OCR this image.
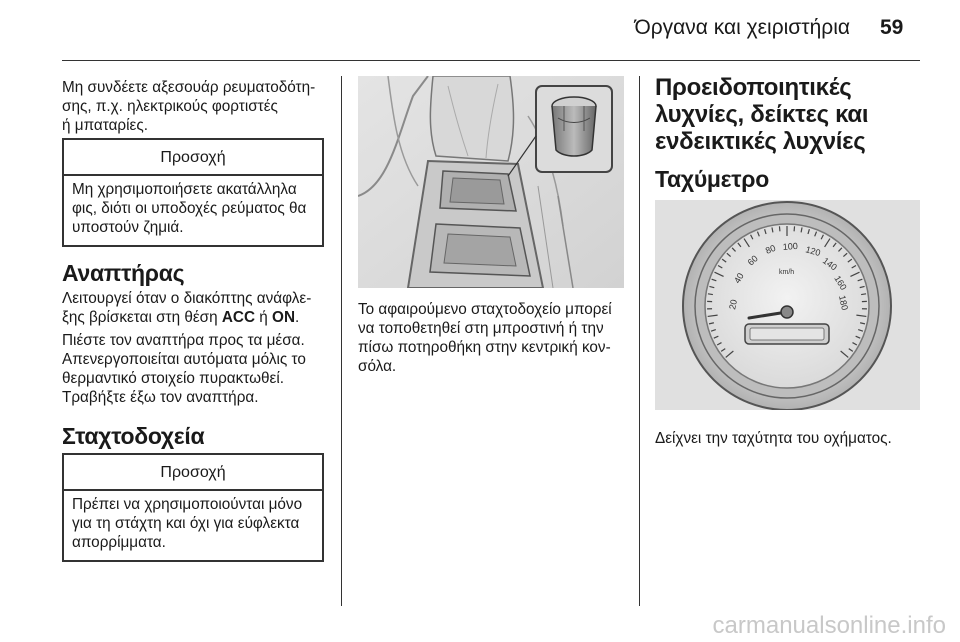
Όργανα και χειριστήρια 59
Μη συνδέετε αξεσουάρ ρευματοδότη-
σης, π.χ. ηλεκτρικούς φορτιστές
ή μπαταρίες.
Προσοχή
Μη χρησιμοποιήσετε ακατάλληλα
φις, διότι οι υποδοχές ρεύματος θα
υποστούν ζημιά.
Αναπτήρας
Λειτουργεί όταν ο διακόπτης ανάφλε-
ξης βρίσκεται στη θέση ACC ή ON.
Πιέστε τον αναπτήρα προς τα μέσα.
Απενεργοποιείται αυτόματα μόλις το
θερμαντικό στοιχείο πυρακτωθεί.
Τραβήξτε έξω τον αναπτήρα.
Σταχτοδοχεία
Προσοχή
Πρέπει να χρησιμοποιούνται μόνο
για τη στάχτη και όχι για εύφλεκτα
απορρίμματα.
Το αφαιρούμενο σταχτοδοχείο μπορεί
να τοποθετηθεί στη μπροστινή ή την
πίσω ποτηροθήκη στην κεντρική κον-
σόλα.
Προειδοποιητικές
λυχνίες, δείκτες και
ενδεικτικές λυχνίες
Ταχύμετρο
20
40
60
80 100 120
140
160
180
km/h
Δείχνει την ταχύτητα του οχήματος.
carmanualsonline.info
